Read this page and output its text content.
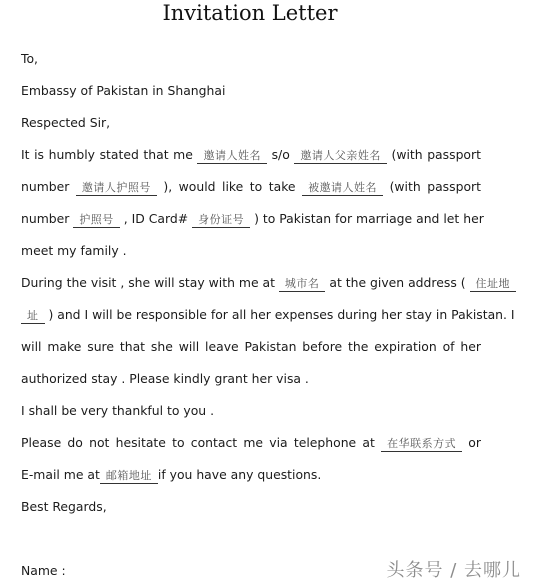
Invitation Letter
To,
Embassy of Pakistan in Shanghai
Respected Sir,
It is humbly stated that me 邀请人姓名 s/o 邀请人父亲姓名 (with passport
number 邀请人护照号 ), would like to take 被邀请人姓名 (with passport
number 护照号 , ID Card# 身份证号 ) to Pakistan for marriage and let her
meet my family .
During the visit , she will stay with me at 城市名 at the given address ( 住址地
址 ) and I will be responsible for all her expenses during her stay in Pakistan. I
will make sure that she will leave Pakistan before the expiration of her
authorized stay . Please kindly grant her visa .
I shall be very thankful to you .
Please do not hesitate to contact me via telephone at 在华联系方式 or
E-mail me at 邮箱地址 if you have any questions.
Best Regards,
Name :	头条号 / 去哪儿
